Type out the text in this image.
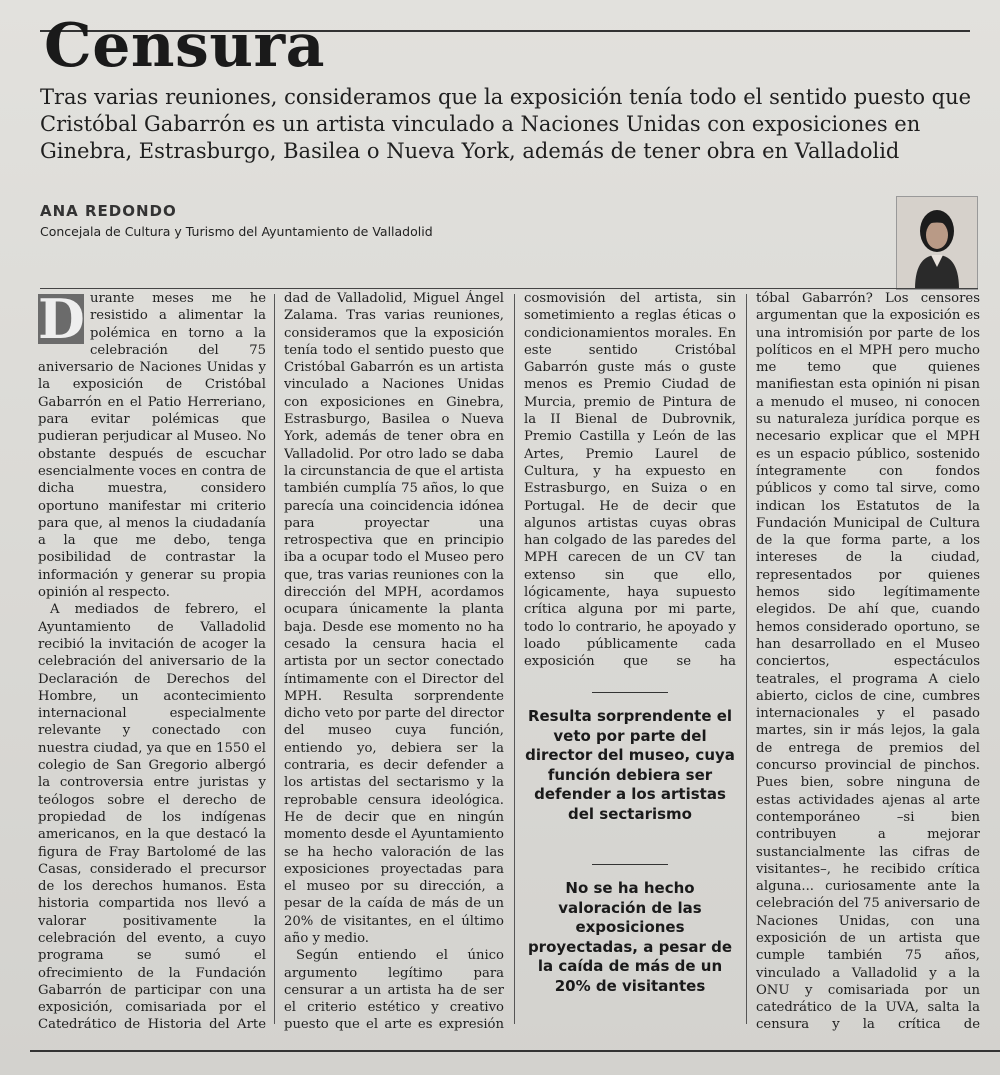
Censura

Tras varias reuniones, consideramos que la exposición tenía todo el sentido puesto que Cristóbal Gabarrón es un artista vinculado a Naciones Unidas con exposiciones en Ginebra, Estrasburgo, Basilea o Nueva York, además de tener obra en Valladolid

ANA REDONDO
Concejala de Cultura y Turismo del Ayuntamiento de Valladolid

D urante meses me he resistido a alimentar la polémica en torno a la celebración del 75 aniversario de Naciones Unidas y la exposición de Cristóbal Gabarrón en el Patio Herreriano, para evitar polémicas que pudieran perjudicar al Museo. No obstante después de escuchar esencialmente voces en contra de dicha muestra, considero oportuno manifestar mi criterio para que, al menos la ciudadanía a la que me debo, tenga posibilidad de contrastar la información y generar su propia opinión al respecto.

A mediados de febrero, el Ayuntamiento de Valladolid recibió la invitación de acoger la celebración del aniversario de la Declaración de Derechos del Hombre, un acontecimiento internacional especialmente relevante y conectado con nuestra ciudad, ya que en 1550 el colegio de San Gregorio albergó la controversia entre juristas y teólogos sobre el derecho de propiedad de los indígenas americanos, en la que destacó la figura de Fray Bartolomé de las Casas, considerado el precursor de los derechos humanos. Esta historia compartida nos llevó a valorar positivamente la celebración del evento, a cuyo programa se sumó el ofrecimiento de la Fundación Gabarrón de participar con una exposición, comisariada por el Catedrático de Historia del Arte

dad de Valladolid, Miguel Ángel Zalama. Tras varias reuniones, consideramos que la exposición tenía todo el sentido puesto que Cristóbal Gabarrón es un artista vinculado a Naciones Unidas con exposiciones en Ginebra, Estrasburgo, Basilea o Nueva York, además de tener obra en Valladolid. Por otro lado se daba la circunstancia de que el artista también cumplía 75 años, lo que parecía una coincidencia idónea para proyectar una retrospectiva que en principio iba a ocupar todo el Museo pero que, tras varias reuniones con la dirección del MPH, acordamos ocupara únicamente la planta baja. Desde ese momento no ha cesado la censura hacia el artista por un sector conectado íntimamente con el Director del MPH. Resulta sorprendente dicho veto por parte del director del museo cuya función, entiendo yo, debiera ser la contraria, es decir defender a los artistas del sectarismo y la reprobable censura ideológica. He de decir que en ningún momento desde el Ayuntamiento se ha hecho valoración de las exposiciones proyectadas para el museo por su dirección, a pesar de la caída de más de un 20% de visitantes, en el último año y medio.

Según entiendo el único argumento legítimo para censurar a un artista ha de ser el criterio estético y creativo puesto que el arte es expresión

cosmovisión del artista, sin sometimiento a reglas éticas o condicionamientos morales. En este sentido Cristóbal Gabarrón guste más o guste menos es Premio Ciudad de Murcia, premio de Pintura de la II Bienal de Dubrovnik, Premio Castilla y León de las Artes, Premio Laurel de Cultura, y ha expuesto en Estrasburgo, en Suiza o en Portugal. He de decir que algunos artistas cuyas obras han colgado de las paredes del MPH carecen de un CV tan extenso sin que ello, lógicamente, haya supuesto crítica alguna por mi parte, todo lo contrario, he apoyado y loado públicamente cada exposición que se ha

Resulta sorprendente el veto por parte del director del museo, cuya función debiera ser defender a los artistas del sectarismo
No se ha hecho valoración de las exposiciones proyectadas, a pesar de la caída de más de un 20% de visitantes

tóbal Gabarrón? Los censores argumentan que la exposición es una intromisión por parte de los políticos en el MPH pero mucho me temo que quienes manifiestan esta opinión ni pisan a menudo el museo, ni conocen su naturaleza jurídica porque es necesario explicar que el MPH es un espacio público, sostenido íntegramente con fondos públicos y como tal sirve, como indican los Estatutos de la Fundación Municipal de Cultura de la que forma parte, a los intereses de la ciudad, representados por quienes hemos sido legítimamente elegidos. De ahí que, cuando hemos considerado oportuno, se han desarrollado en el Museo conciertos, espectáculos teatrales, el programa A cielo abierto, ciclos de cine, cumbres internacionales y el pasado martes, sin ir más lejos, la gala de entrega de premios del concurso provincial de pinchos. Pues bien, sobre ninguna de estas actividades ajenas al arte contemporáneo –si bien contribuyen a mejorar sustancialmente las cifras de visitantes–, he recibido crítica alguna... curiosamente ante la celebración del 75 aniversario de Naciones Unidas, con una exposición de un artista que cumple también 75 años, vinculado a Valladolid y a la ONU y comisariada por un catedrático de la UVA, salta la censura y la crítica de
